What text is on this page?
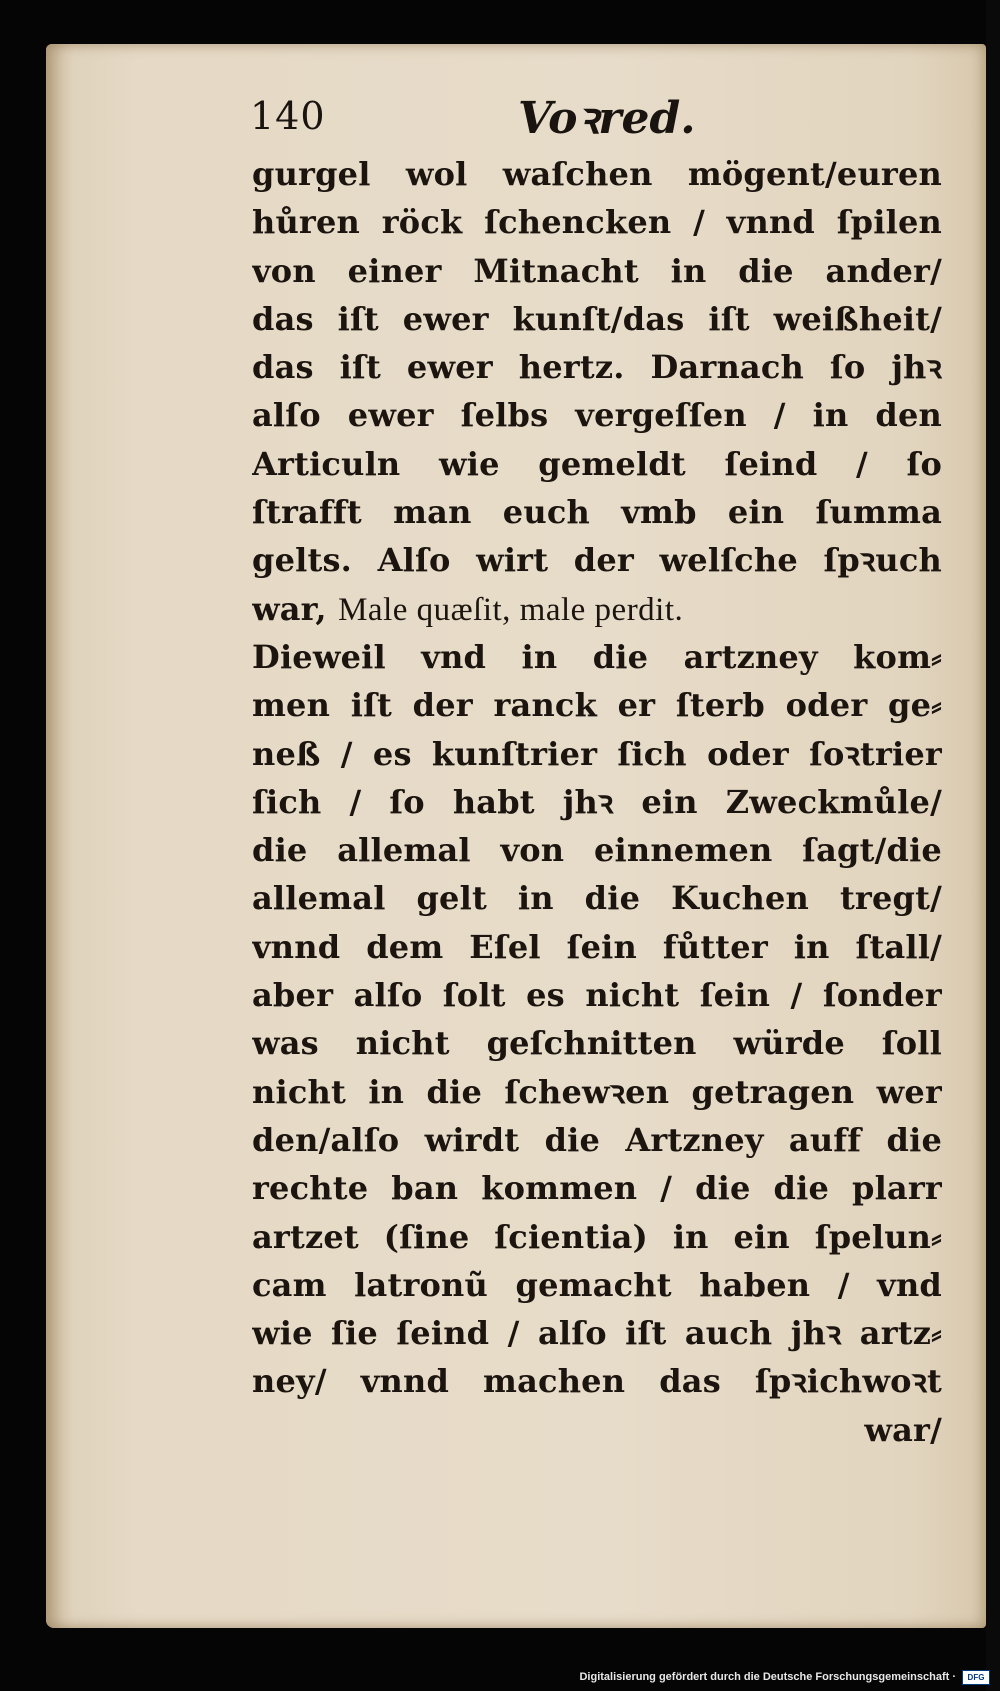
140	Voꝛred.
gurgel wol waſchen mögent/euren
hůren röck ſchencken / vnnd ſpilen
von einer Mitnacht in die ander/
das iſt ewer kunſt/das iſt weißheit/
das iſt ewer hertz. Darnach ſo jhꝛ
alſo ewer ſelbs vergeſſen / in den
Articuln wie gemeldt ſeind / ſo
ſtrafft man euch vmb ein ſumma
gelts. Alſo wirt der welſche ſpꝛuch
war, Male quæſit, male perdit.
Dieweil vnd in die artzney kom⸗
men iſt der ranck er ſterb oder ge⸗
neß / es kunſtrier ſich oder ſoꝛtrier
ſich / ſo habt jhꝛ ein Zweckmůle/
die allemal von einnemen ſagt/die
allemal gelt in die Kuchen tregt/
vnnd dem Eſel ſein fůtter in ſtall/
aber alſo ſolt es nicht ſein / ſonder
was nicht geſchnitten würde ſoll
nicht in die ſchewꝛen getragen wer
den/alſo wirdt die Artzney auff die
rechte ban kommen / die die plarr
artzet (ſine ſcientia) in ein ſpelun⸗
cam latronũ gemacht haben / vnd
wie ſie ſeind / alſo iſt auch jhꝛ artz⸗
ney/ vnnd machen das ſpꝛichwoꝛt
war/
Digitalisierung gefördert durch die Deutsche Forschungsgemeinschaft ·	DFG
